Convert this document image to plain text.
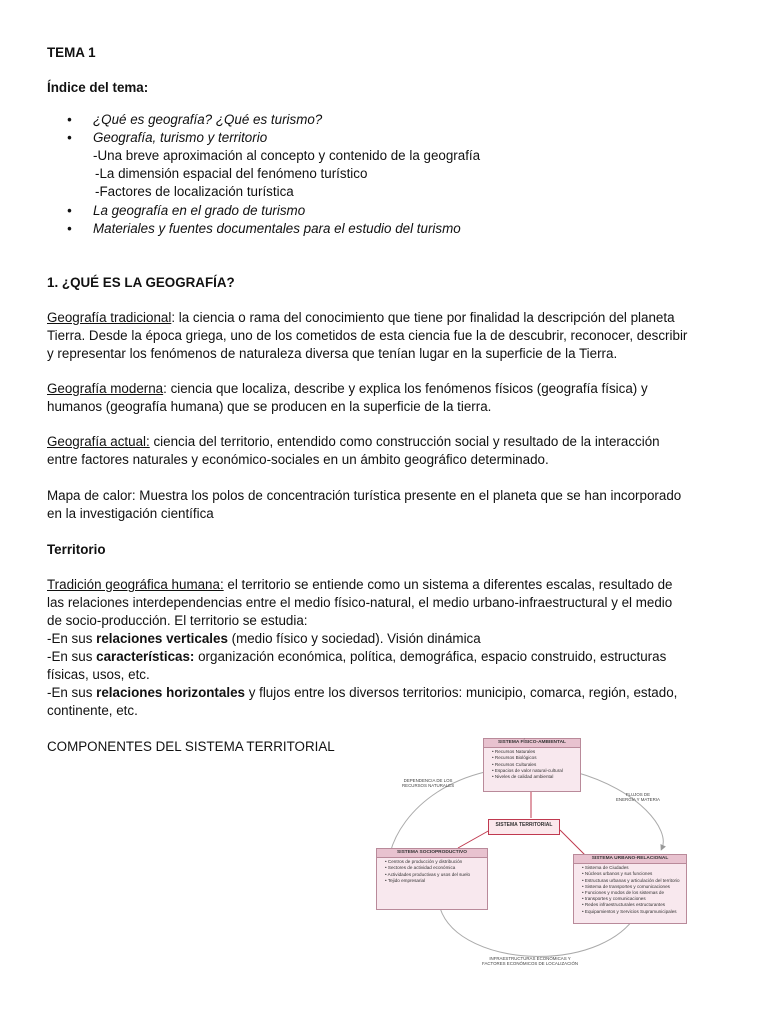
TEMA 1
Índice del tema:
• ¿Qué es geografía? ¿Qué es turismo?
• Geografía, turismo y territorio
-Una breve aproximación al concepto y contenido de la geografía
-La dimensión espacial del fenómeno turístico
-Factores de localización turística
• La geografía en el grado de turismo
• Materiales y fuentes documentales para el estudio del turismo
1. ¿QUÉ ES LA GEOGRAFÍA?
Geografía tradicional: la ciencia o rama del conocimiento que tiene por finalidad la descripción del planeta
Tierra. Desde la época griega, uno de los cometidos de esta ciencia fue la de descubrir, reconocer, describir
y representar los fenómenos de naturaleza diversa que tenían lugar en la superficie de la Tierra.
Geografía moderna: ciencia que localiza, describe y explica los fenómenos físicos (geografía física) y
humanos (geografía humana) que se producen en la superficie de la tierra.
Geografía actual: ciencia del territorio, entendido como construcción social y resultado de la interacción
entre factores naturales y económico-sociales en un ámbito geográfico determinado.
Mapa de calor: Muestra los polos de concentración turística presente en el planeta que se han incorporado
en la investigación científica
Territorio
Tradición geográfica humana: el territorio se entiende como un sistema a diferentes escalas, resultado de
las relaciones interdependencias entre el medio físico-natural, el medio urbano-infraestructural y el medio
de socio-producción. El territorio se estudia:
-En sus relaciones verticales (medio físico y sociedad). Visión dinámica
-En sus características: organización económica, política, demográfica, espacio construido, estructuras
físicas, usos, etc.
-En sus relaciones horizontales y flujos entre los diversos territorios: municipio, comarca, región, estado,
continente, etc.
COMPONENTES DEL SISTEMA TERRITORIAL	SISTEMA FÍSICO-AMBIENTAL
• Recursos Naturales
• Recursos Biológicos
• Recursos Culturales
• Espacios de valor natural-cultural
• Niveles de calidad ambiental
SISTEMA TERRITORIAL
SISTEMA SOCIOPRODUCTIVO
• Centros de producción y distribución
• Sectores de actividad económica
• Actividades productivas y usos del suelo
• Tejido empresarial
SISTEMA URBANO-RELACIONAL
• Sistema de Ciudades
• Núcleos urbanos y sus funciones
• Estructuras urbanas y articulación del territorio
• Sistema de transportes y comunicaciones
• Funciones y modos de los sistemas de
• transportes y comunicaciones
• Redes infraestructurales estructurantes
• Equipamientos y Servicios Supramunicipales
DEPENDENCIA DE LOS
RECURSOS NATURALES
FLUJOS DE
ENERGÍA Y MATERIA
INFRAESTRUCTURAS ECONÓMICAS Y
FACTORES ECONÓMICOS DE LOCALIZACIÓN
